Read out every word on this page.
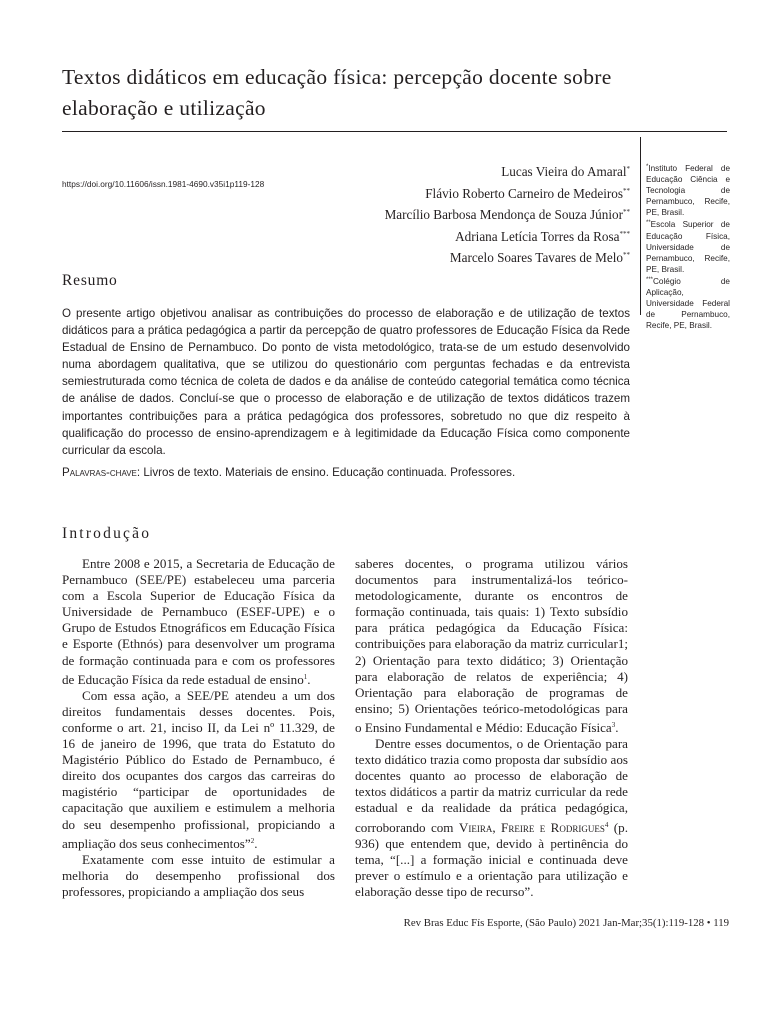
Textos didáticos em educação física: percepção docente sobre elaboração e utilização
https://doi.org/10.11606/issn.1981-4690.v35i1p119-128
Lucas Vieira do Amaral*
Flávio Roberto Carneiro de Medeiros**
Marcílio Barbosa Mendonça de Souza Júnior**
Adriana Letícia Torres da Rosa***
Marcelo Soares Tavares de Melo**
*Instituto Federal de Educação Ciência e Tecnologia de Pernambuco, Recife, PE, Brasil.
**Escola Superior de Educação Física, Universidade de Pernambuco, Recife, PE, Brasil.
***Colégio de Aplicação, Universidade Federal de Pernambuco, Recife, PE, Brasil.
Resumo
O presente artigo objetivou analisar as contribuições do processo de elaboração e de utilização de textos didáticos para a prática pedagógica a partir da percepção de quatro professores de Educação Física da Rede Estadual de Ensino de Pernambuco. Do ponto de vista metodológico, trata-se de um estudo desenvolvido numa abordagem qualitativa, que se utilizou do questionário com perguntas fechadas e da entrevista semiestruturada como técnica de coleta de dados e da análise de conteúdo categorial temática como técnica de análise de dados. Concluí-se que o processo de elaboração e de utilização de textos didáticos trazem importantes contribuições para a prática pedagógica dos professores, sobretudo no que diz respeito à qualificação do processo de ensino-aprendizagem e à legitimidade da Educação Física como componente curricular da escola.
Palavras-chave: Livros de texto. Materiais de ensino. Educação continuada. Professores.
Introdução

Entre 2008 e 2015, a Secretaria de Educação de Pernambuco (SEE/PE) estabeleceu uma parceria com a Escola Superior de Educação Física da Universidade de Pernambuco (ESEF-UPE) e o Grupo de Estudos Etnográficos em Educação Física e Esporte (Ethnós) para desenvolver um programa de formação continuada para e com os professores de Educação Física da rede estadual de ensino$^1$.

Com essa ação, a SEE/PE atendeu a um dos direitos fundamentais desses docentes. Pois, conforme o art. 21, inciso II, da Lei nº 11.329, de 16 de janeiro de 1996, que trata do Estatuto do Magistério Público do Estado de Pernambuco, é direito dos ocupantes dos cargos das carreiras do magistério “participar de oportunidades de capacitação que auxiliem e estimulem a melhoria do seu desempenho profissional, propiciando a ampliação dos seus conhecimentos”$^2$.

Exatamente com esse intuito de estimular a melhoria do desempenho profissional dos professores, propiciando a ampliação dos seus

saberes docentes, o programa utilizou vários documentos para instrumentalizá-los teórico-metodologicamente, durante os encontros de formação continuada, tais quais: 1) Texto subsídio para prática pedagógica da Educação Física: contribuições para elaboração da matriz curricular1; 2) Orientação para texto didático; 3) Orientação para elaboração de relatos de experiência; 4) Orientação para elaboração de programas de ensino; 5) Orientações teórico-metodológicas para o Ensino Fundamental e Médio: Educação Física$^3$.

Dentre esses documentos, o de Orientação para texto didático trazia como proposta dar subsídio aos docentes quanto ao processo de elaboração de textos didáticos a partir da matriz curricular da rede estadual e da realidade da prática pedagógica, corroborando com Vieira, Freire e Rodrigues$^4$ (p. 936) que entendem que, devido à pertinência do tema, “[...] a formação inicial e continuada deve prever o estímulo e a orientação para utilização e elaboração desse tipo de recurso”.

Rev Bras Educ Fís Esporte, (São Paulo) 2021 Jan-Mar;35(1):119-128 • 119
